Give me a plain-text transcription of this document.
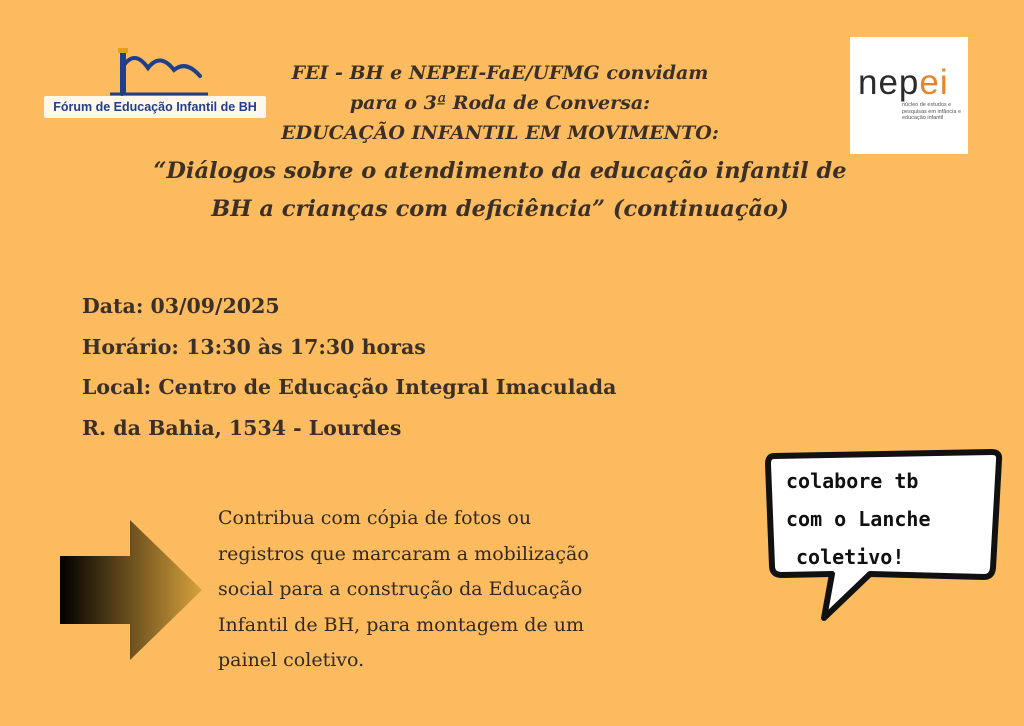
Fórum de Educação Infantil de BH
nepei
núcleo de estudos e pesquisas em infância e educação infantil
FEI - BH e NEPEI-FaE/UFMG convidam
para o 3ª Roda de Conversa:
EDUCAÇÃO INFANTIL EM MOVIMENTO:
“Diálogos sobre o atendimento da educação infantil de
BH a crianças com deficiência” (continuação)
Data: 03/09/2025
Horário: 13:30 às 17:30 horas
Local: Centro de Educação Integral Imaculada
R. da Bahia, 1534 - Lourdes
Contribua com cópia de fotos ou
registros que marcaram a mobilização
social para a construção da Educação
Infantil de BH, para montagem de um
painel coletivo.
colabore tb
com o Lanche
coletivo!
